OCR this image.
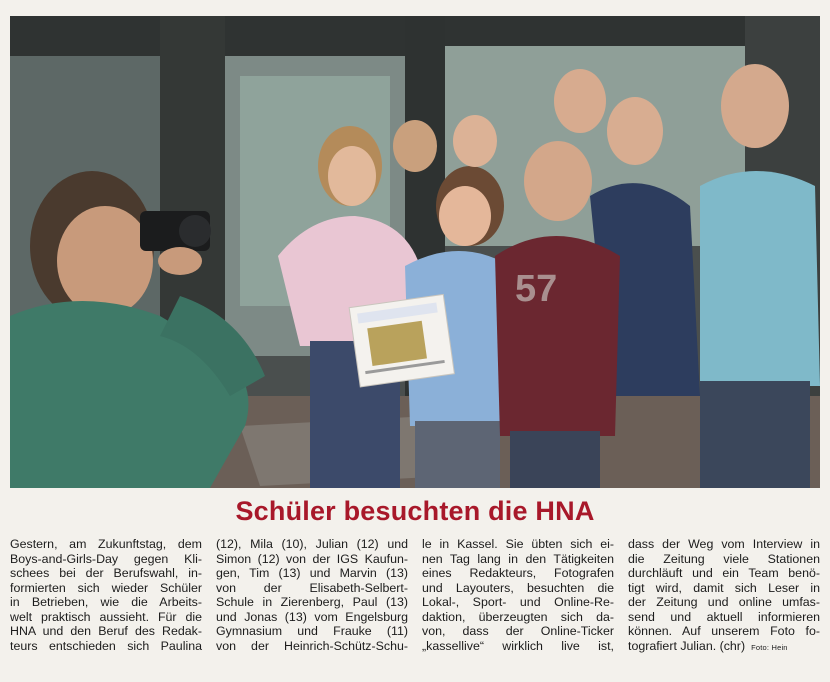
57
Schüler besuchten die HNA
Gestern, am Zukunftstag, dem
Boys-and-Girls-Day gegen Kli-
schees bei der Berufswahl, in-
formierten sich wieder Schüler
in Betrieben, wie die Arbeits-
welt praktisch aussieht. Für die
HNA und den Beruf des Redak-
teurs entschieden sich Paulina
(12), Mila (10), Julian (12) und
Simon (12) von der IGS Kaufun-
gen, Tim (13) und Marvin (13)
von der Elisabeth-Selbert-
Schule in Zierenberg, Paul (13)
und Jonas (13) vom Engelsburg
Gymnasium und Frauke (11)
von der Heinrich-Schütz-Schu-
le in Kassel. Sie übten sich ei-
nen Tag lang in den Tätigkeiten
eines Redakteurs, Fotografen
und Layouters, besuchten die
Lokal-, Sport- und Online-Re-
daktion, überzeugten sich da-
von, dass der Online-Ticker
„kassellive“ wirklich live ist,
dass der Weg vom Interview in
die Zeitung viele Stationen
durchläuft und ein Team benö-
tigt wird, damit sich Leser in
der Zeitung und online umfas-
send und aktuell informieren
können. Auf unserem Foto fo-
tografiert Julian. (chr) Foto: Hein
